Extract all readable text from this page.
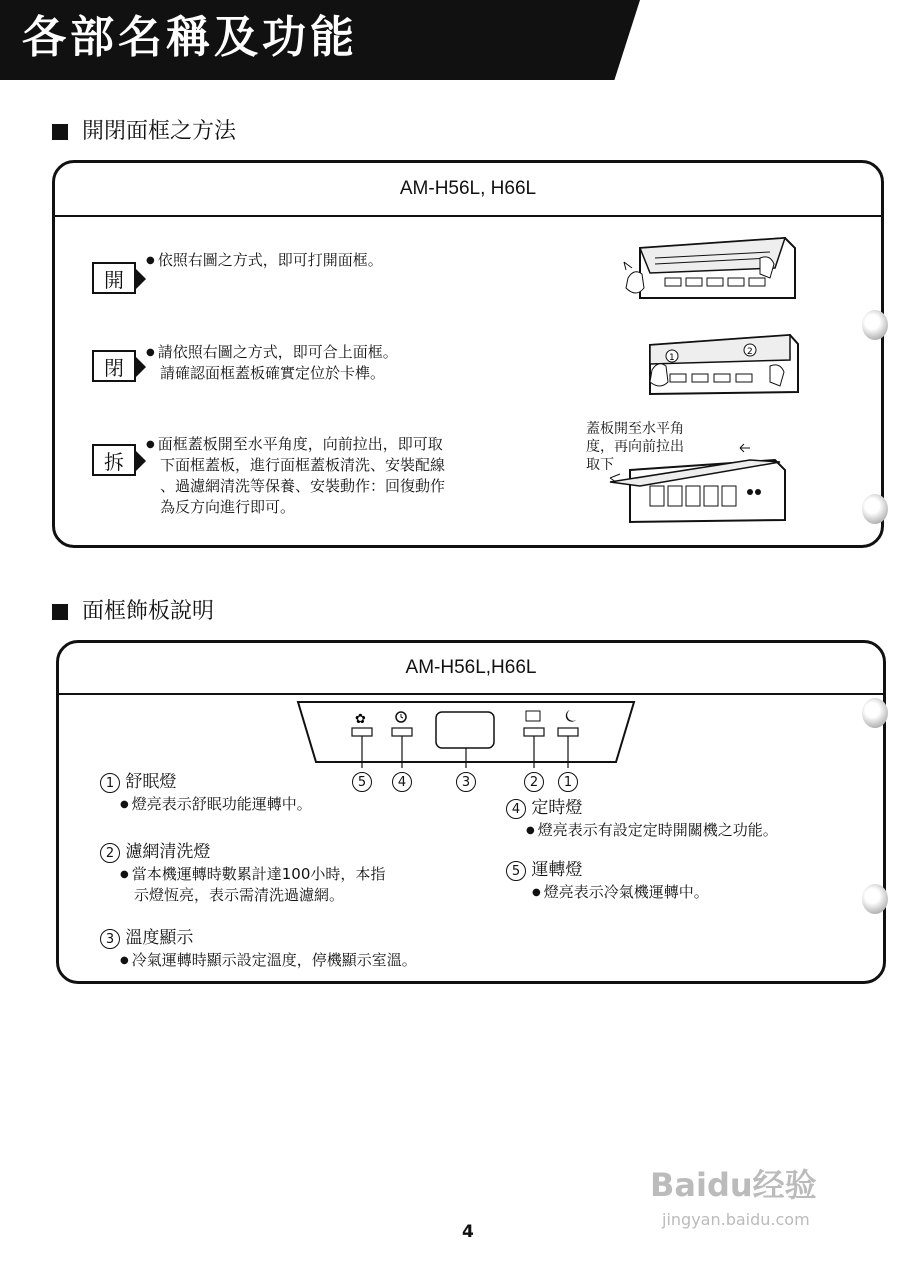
各部名稱及功能
開閉面框之方法
AM-H56L, H66L
開
● 依照右圖之方式，即可打開面框。
閉
● 請依照右圖之方式，即可合上面框。
請確認面框蓋板確實定位於卡榫。
拆
● 面框蓋板開至水平角度，向前拉出，即可取
下面框蓋板，進行面框蓋板清洗、安裝配線
、過濾網清洗等保養、安裝動作：回復動作
為反方向進行即可。
1
2
蓋板開至水平角
度，再向前拉出
取下
面框飾板說明
AM-H56L,H66L
✿
5	4	3	2	1
1 舒眠燈
● 燈亮表示舒眠功能運轉中。
2 濾網清洗燈
● 當本機運轉時數累計達100小時，本指
示燈恆亮，表示需清洗過濾網。
3 溫度顯示
● 冷氣運轉時顯示設定溫度，停機顯示室溫。
4 定時燈
● 燈亮表示有設定定時開關機之功能。
5 運轉燈
● 燈亮表示冷氣機運轉中。
4
Baidu经验
jingyan.baidu.com
